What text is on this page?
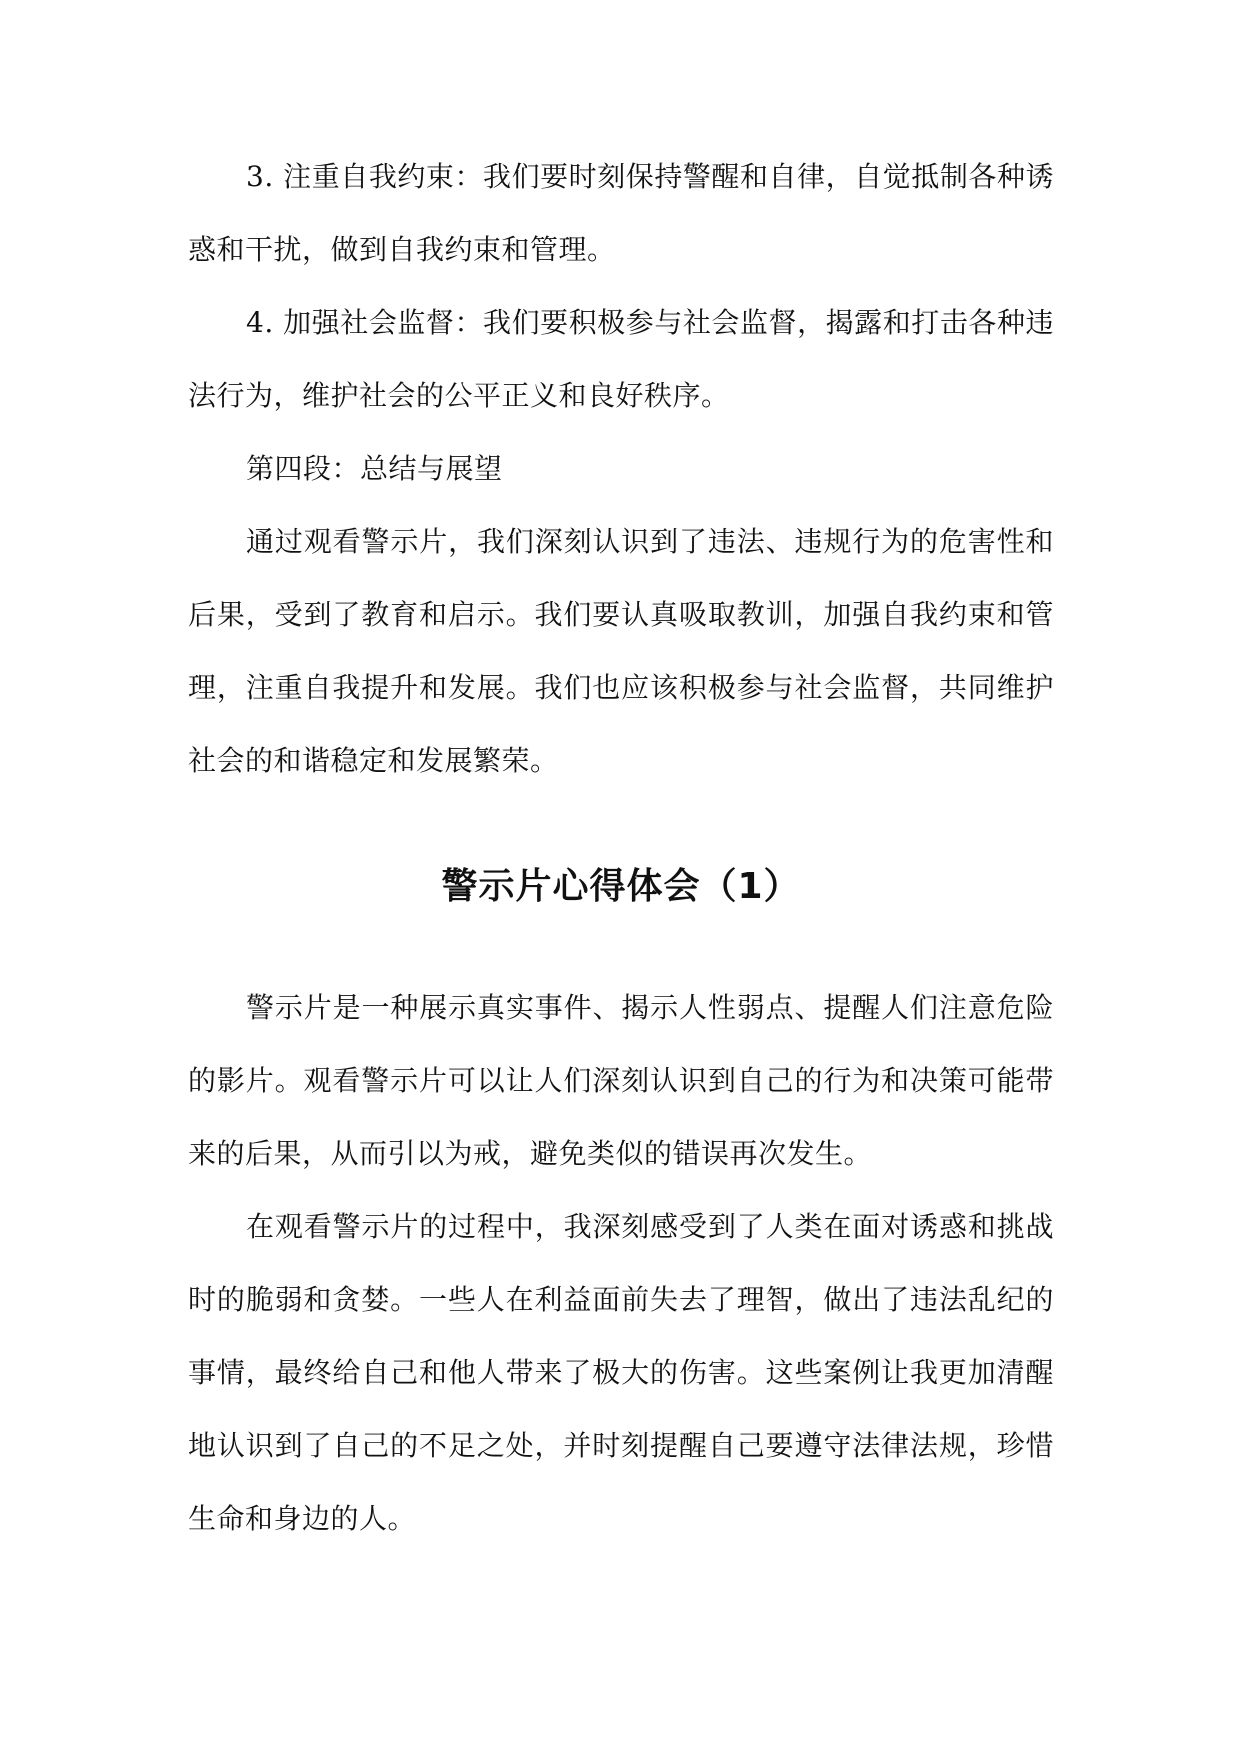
3. 注重自我约束：我们要时刻保持警醒和自律，自觉抵制各种诱惑和干扰，做到自我约束和管理。

4. 加强社会监督：我们要积极参与社会监督，揭露和打击各种违法行为，维护社会的公平正义和良好秩序。

第四段：总结与展望

通过观看警示片，我们深刻认识到了违法、违规行为的危害性和后果，受到了教育和启示。我们要认真吸取教训，加强自我约束和管理，注重自我提升和发展。我们也应该积极参与社会监督，共同维护社会的和谐稳定和发展繁荣。

警示片心得体会（1）

警示片是一种展示真实事件、揭示人性弱点、提醒人们注意危险的影片。观看警示片可以让人们深刻认识到自己的行为和决策可能带来的后果，从而引以为戒，避免类似的错误再次发生。

在观看警示片的过程中，我深刻感受到了人类在面对诱惑和挑战时的脆弱和贪婪。一些人在利益面前失去了理智，做出了违法乱纪的事情，最终给自己和他人带来了极大的伤害。这些案例让我更加清醒地认识到了自己的不足之处，并时刻提醒自己要遵守法律法规，珍惜生命和身边的人。
